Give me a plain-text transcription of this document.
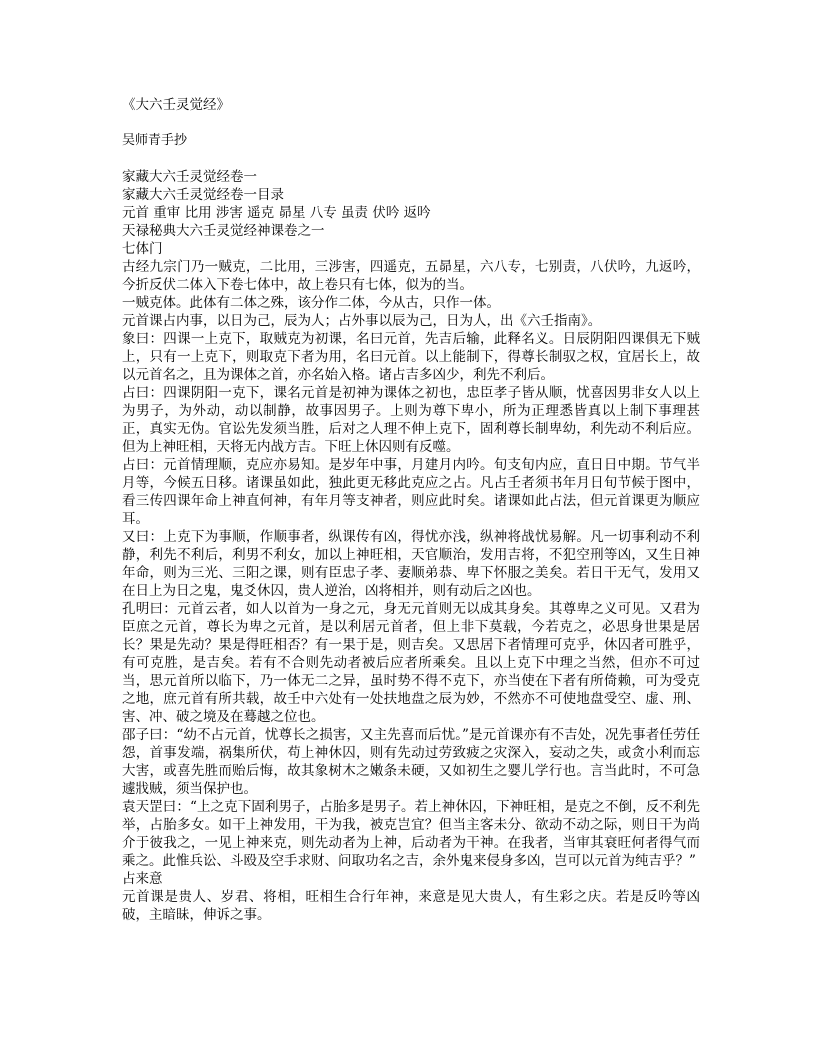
《大六壬灵觉经》

吴师青手抄

家藏大六壬灵觉经卷一

家藏大六壬灵觉经卷一目录

元首 重审 比用 涉害 遥克 昴星 八专 虽责 伏吟 返吟

天禄秘典大六壬灵觉经神课卷之一

七体门

古经九宗门乃一贼克，二比用，三涉害，四遥克，五昴星，六八专，七别责，八伏吟，九返吟，今折反伏二体入下卷七体中，故上卷只有七体，似为的当。

一贼克体。此体有二体之殊，该分作二体，今从古，只作一体。

元首课占内事，以日为己，辰为人；占外事以辰为己，日为人，出《六壬指南》。

象曰：四课一上克下，取贼克为初课，名曰元首，先吉后输，此释名义。日辰阴阳四课俱无下贼上，只有一上克下，则取克下者为用，名曰元首。以上能制下，得尊长制驭之权，宜居长上，故以元首名之，且为课体之首，亦名始入格。诸占吉多凶少，利先不利后。

占曰：四课阴阳一克下，课名元首是初神为课体之初也，忠臣孝子皆从顺，忧喜因男非女人以上为男子，为外动，动以制静，故事因男子。上则为尊下卑小，所为正理悉皆真以上制下事理甚正，真实无伪。官讼先发须当胜，后对之人理不伸上克下，固利尊长制卑幼，利先动不利后应。但为上神旺相，天将无内战方吉。下旺上休囚则有反噬。

占曰：元首情理顺，克应亦易知。是岁年中事，月建月内吟。旬支旬内应，直日日中期。节气半月等，今候五日移。诸课虽如此，独此更无移此克应之占。凡占壬者须书年月日旬节候于图中，看三传四课年命上神直何神，有年月等支神者，则应此时矣。诸课如此占法，但元首课更为顺应耳。

又曰：上克下为事顺，作顺事者，纵课传有凶，得忧亦浅，纵神将战忧易解。凡一切事利动不利静，利先不利后，利男不利女，加以上神旺相，天官顺治，发用吉将，不犯空刑等凶，又生日神年命，则为三光、三阳之课，则有臣忠子孝、妻顺弟恭、卑下怀服之美矣。若日干无气，发用又在日上为日之鬼，鬼爻休囚，贵人逆治，凶将相并，则有动后之凶也。

孔明曰：元首云者，如人以首为一身之元，身无元首则无以成其身矣。其尊卑之义可见。又君为臣庶之元首，尊长为卑之元首，是以利居元首者，但上非下莫载，今若克之，必思身世果是居长？果是先动？果是得旺相否？有一果于是，则吉矣。又思居下者情理可克乎，休囚者可胜乎，有可克胜，是吉矣。若有不合则先动者被后应者所乘矣。且以上克下中理之当然，但亦不可过当，思元首所以临下，乃一体无二之异，虽时势不得不克下，亦当使在下者有所倚赖，可为受克之地，庶元首有所共载，故壬中六处有一处扶地盘之辰为妙，不然亦不可使地盘受空、虚、刑、害、冲、破之境及在蓦越之位也。

邵子曰：“幼不占元首，忧尊长之损害，又主先喜而后忧。”是元首课亦有不吉处，况先事者任劳任怨，首事发端，祸集所伏，苟上神休囚，则有先动过劳致疲之灾深入，妄动之失，或贪小利而忘大害，或喜先胜而贻后悔，故其象树木之嫩条未硬，又如初生之婴儿学行也。言当此时，不可急遽戕贼，须当保护也。

袁天罡曰：“上之克下固利男子，占胎多是男子。若上神休囚，下神旺相，是克之不倒，反不利先举，占胎多女。如干上神发用，干为我，被克岂宜？但当主客未分、欲动不动之际，则日干为尚介于彼我之，一见上神来克，则先动者为上神，后动者为干神。在我者，当审其衰旺何者得气而乘之。此惟兵讼、斗殴及空手求财、问取功名之吉，余外鬼来侵身多凶，岂可以元首为纯吉乎？”

占来意

元首课是贵人、岁君、将相，旺相生合行年神，来意是见大贵人，有生彩之庆。若是反吟等凶破，主暗昧，伸诉之事。
